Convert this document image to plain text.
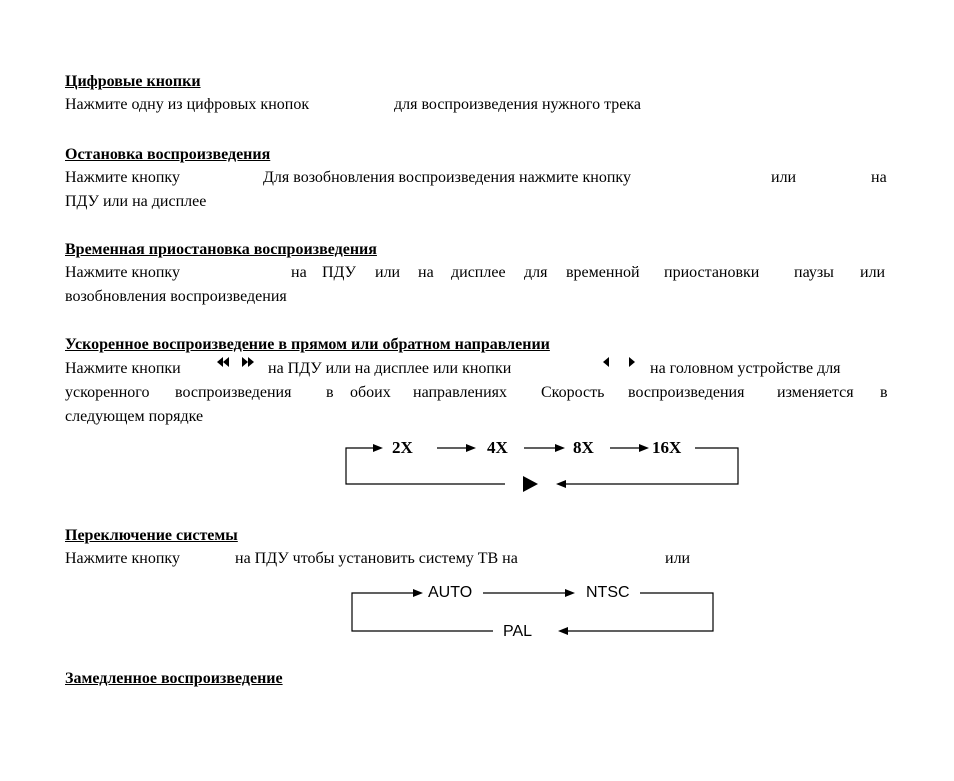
Цифровые кнопки
Нажмите одну из цифровых кнопок	для воспроизведения нужного трека
Остановка воспроизведения
Нажмите кнопку	Для возобновления воспроизведения нажмите кнопку	или	на
ПДУ или на дисплее
Временная приостановка воспроизведения
Нажмите кнопку	на ПДУ или на дисплее для временной приостановки паузы или
возобновления воспроизведения
Ускоренное воспроизведение в прямом или обратном направлении
Нажмите кнопки	на ПДУ или на дисплее или кнопки	на головном устройстве для
ускоренного воспроизведения в обоих направлениях Скорость воспроизведения изменяется в
следующем порядке
2X	4X	8X	16X
Переключение системы
Нажмите кнопку	на ПДУ чтобы установить систему ТВ на	или
AUTO	NTSC
PAL
Замедленное воспроизведение
